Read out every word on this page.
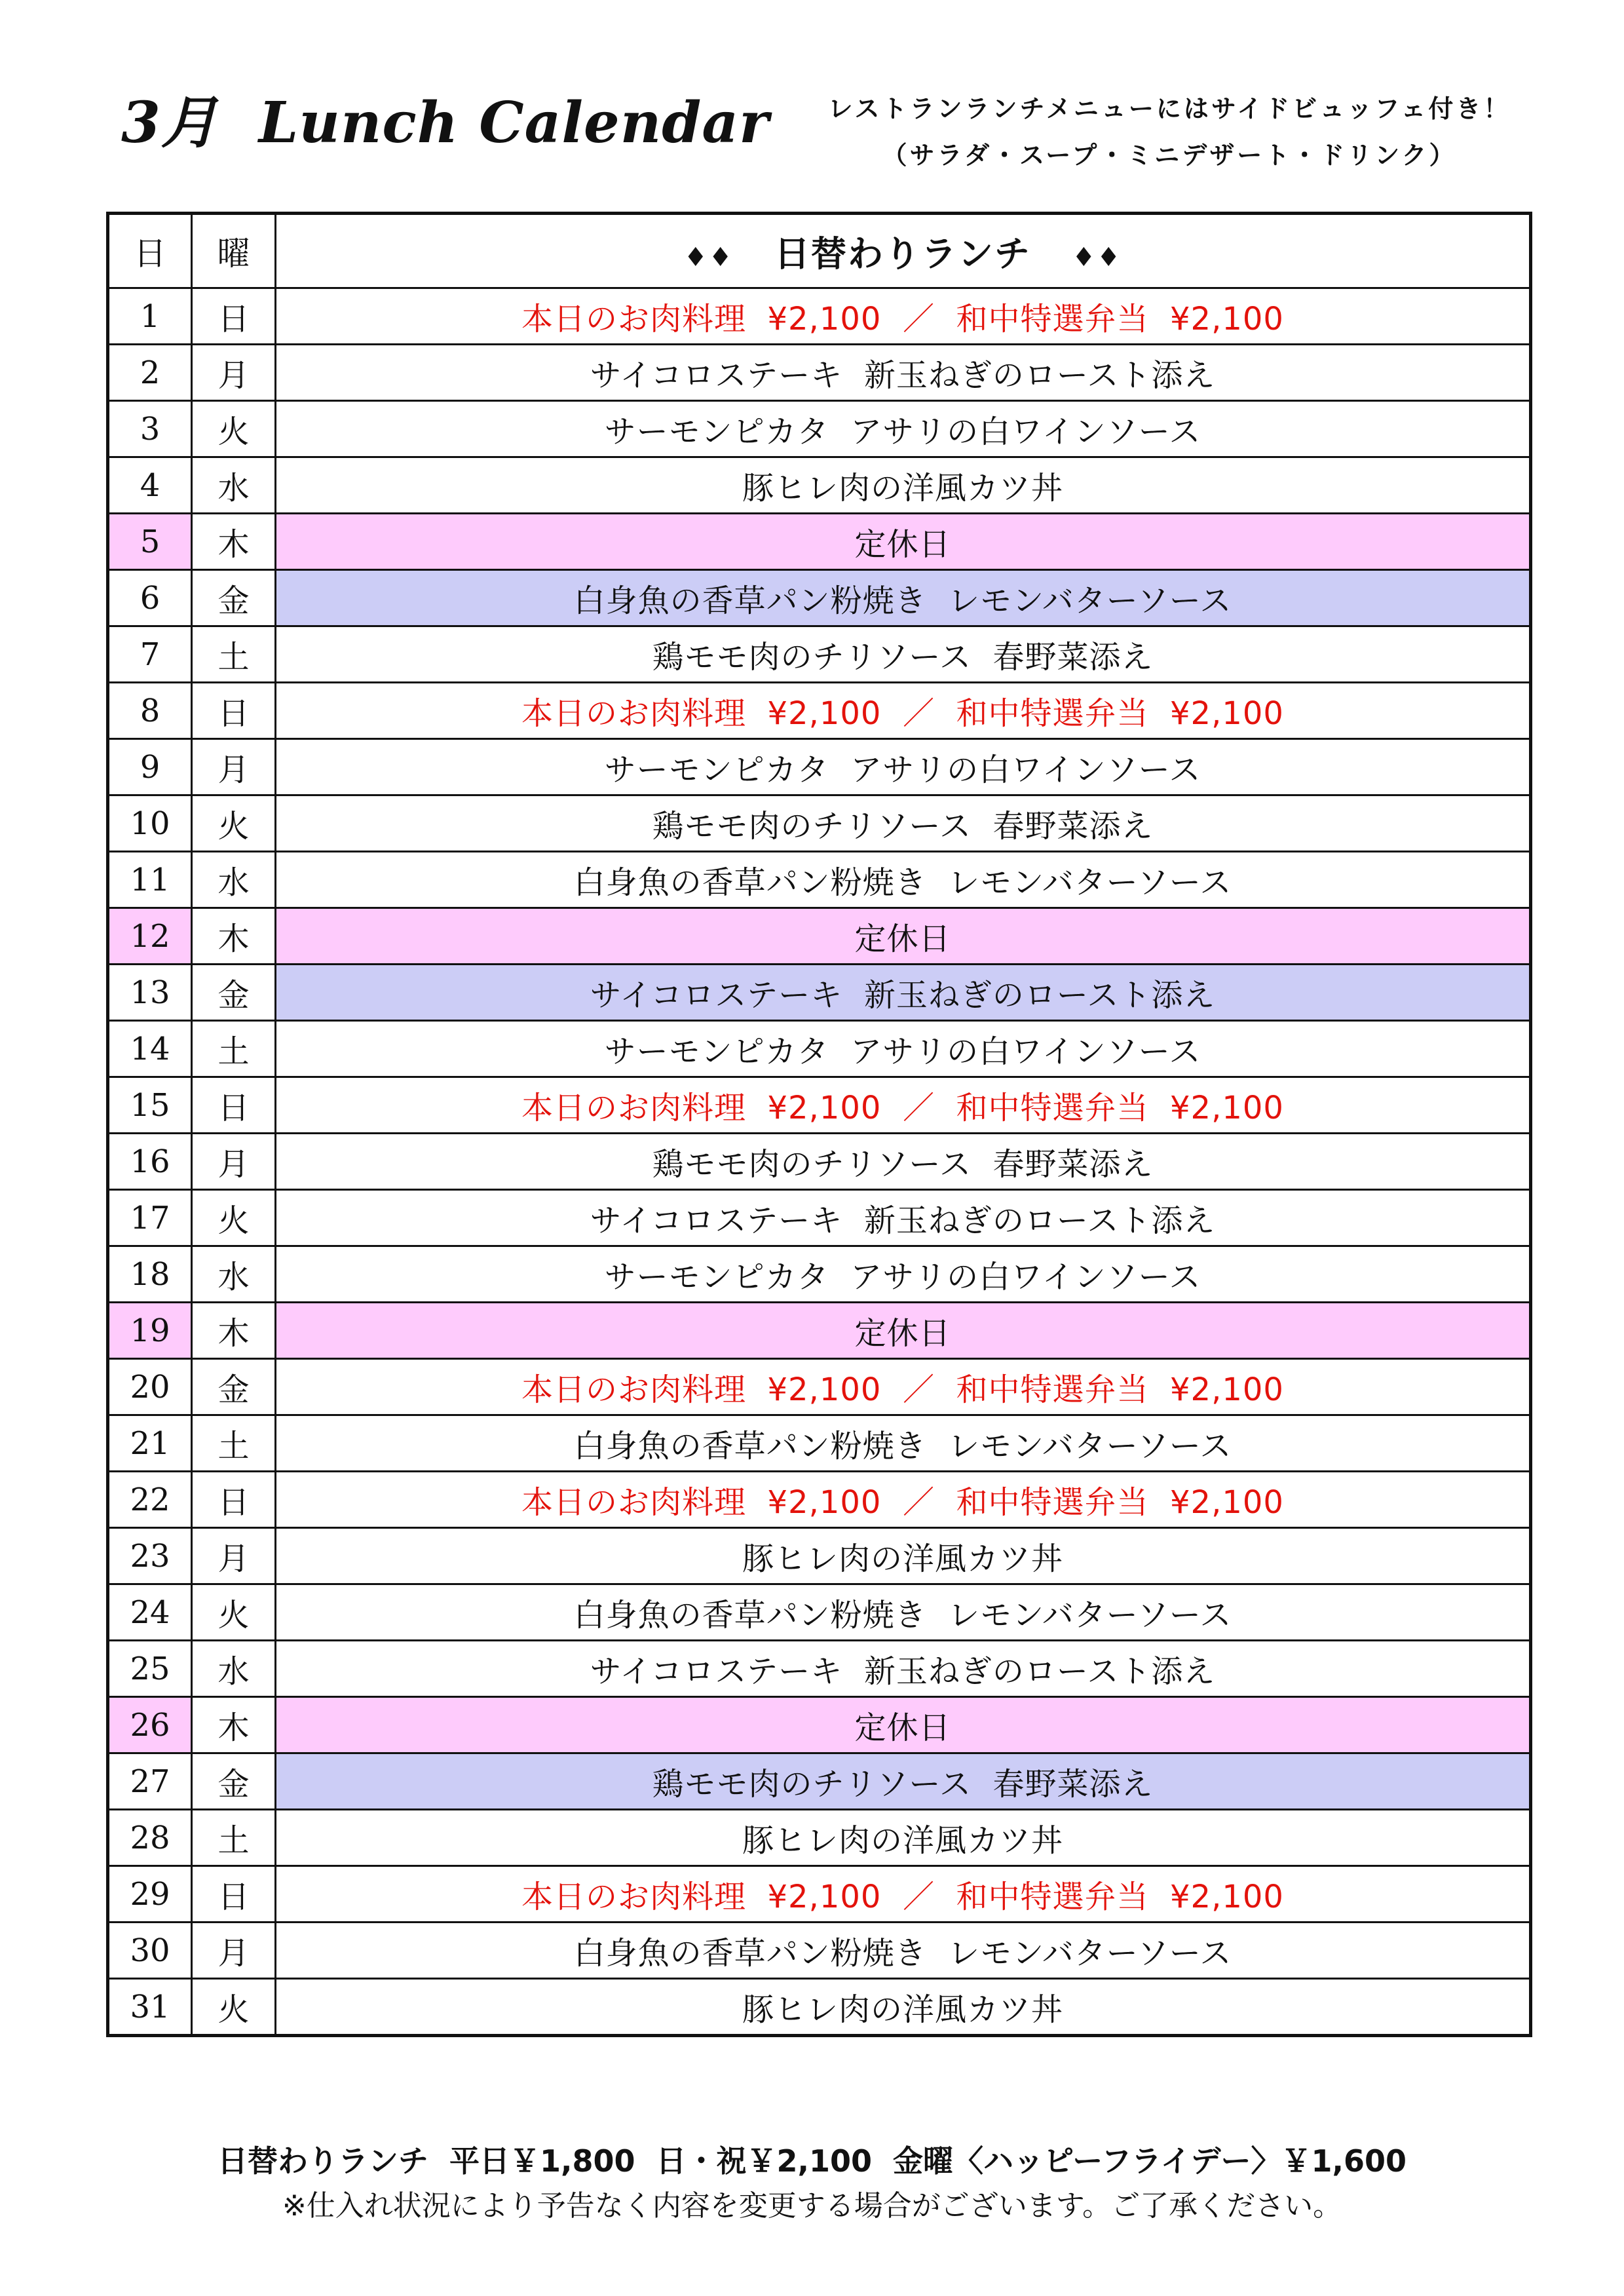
3月 Lunch Calendar	レストランランチメニューにはサイドビュッフェ付き！
（サラダ・スープ・ミニデザート・ドリンク）
日	曜	♦♦ 日替わりランチ ♦♦
1	日	本日のお肉料理  ¥2,100  ／  和中特選弁当  ¥2,100
2	月	サイコロステーキ  新玉ねぎのロースト添え
3	火	サーモンピカタ  アサリの白ワインソース
4	水	豚ヒレ肉の洋風カツ丼
5	木	定休日
6	金	白身魚の香草パン粉焼き  レモンバターソース
7	土	鶏モモ肉のチリソース  春野菜添え
8	日	本日のお肉料理  ¥2,100  ／  和中特選弁当  ¥2,100
9	月	サーモンピカタ  アサリの白ワインソース
10	火	鶏モモ肉のチリソース  春野菜添え
11	水	白身魚の香草パン粉焼き  レモンバターソース
12	木	定休日
13	金	サイコロステーキ  新玉ねぎのロースト添え
14	土	サーモンピカタ  アサリの白ワインソース
15	日	本日のお肉料理  ¥2,100  ／  和中特選弁当  ¥2,100
16	月	鶏モモ肉のチリソース  春野菜添え
17	火	サイコロステーキ  新玉ねぎのロースト添え
18	水	サーモンピカタ  アサリの白ワインソース
19	木	定休日
20	金	本日のお肉料理  ¥2,100  ／  和中特選弁当  ¥2,100
21	土	白身魚の香草パン粉焼き  レモンバターソース
22	日	本日のお肉料理  ¥2,100  ／  和中特選弁当  ¥2,100
23	月	豚ヒレ肉の洋風カツ丼
24	火	白身魚の香草パン粉焼き  レモンバターソース
25	水	サイコロステーキ  新玉ねぎのロースト添え
26	木	定休日
27	金	鶏モモ肉のチリソース  春野菜添え
28	土	豚ヒレ肉の洋風カツ丼
29	日	本日のお肉料理  ¥2,100  ／  和中特選弁当  ¥2,100
30	月	白身魚の香草パン粉焼き  レモンバターソース
31	火	豚ヒレ肉の洋風カツ丼
日替わりランチ  平日￥1,800  日・祝￥2,100  金曜〈ハッピーフライデー〉￥1,600
※仕入れ状況により予告なく内容を変更する場合がございます。ご了承ください。
